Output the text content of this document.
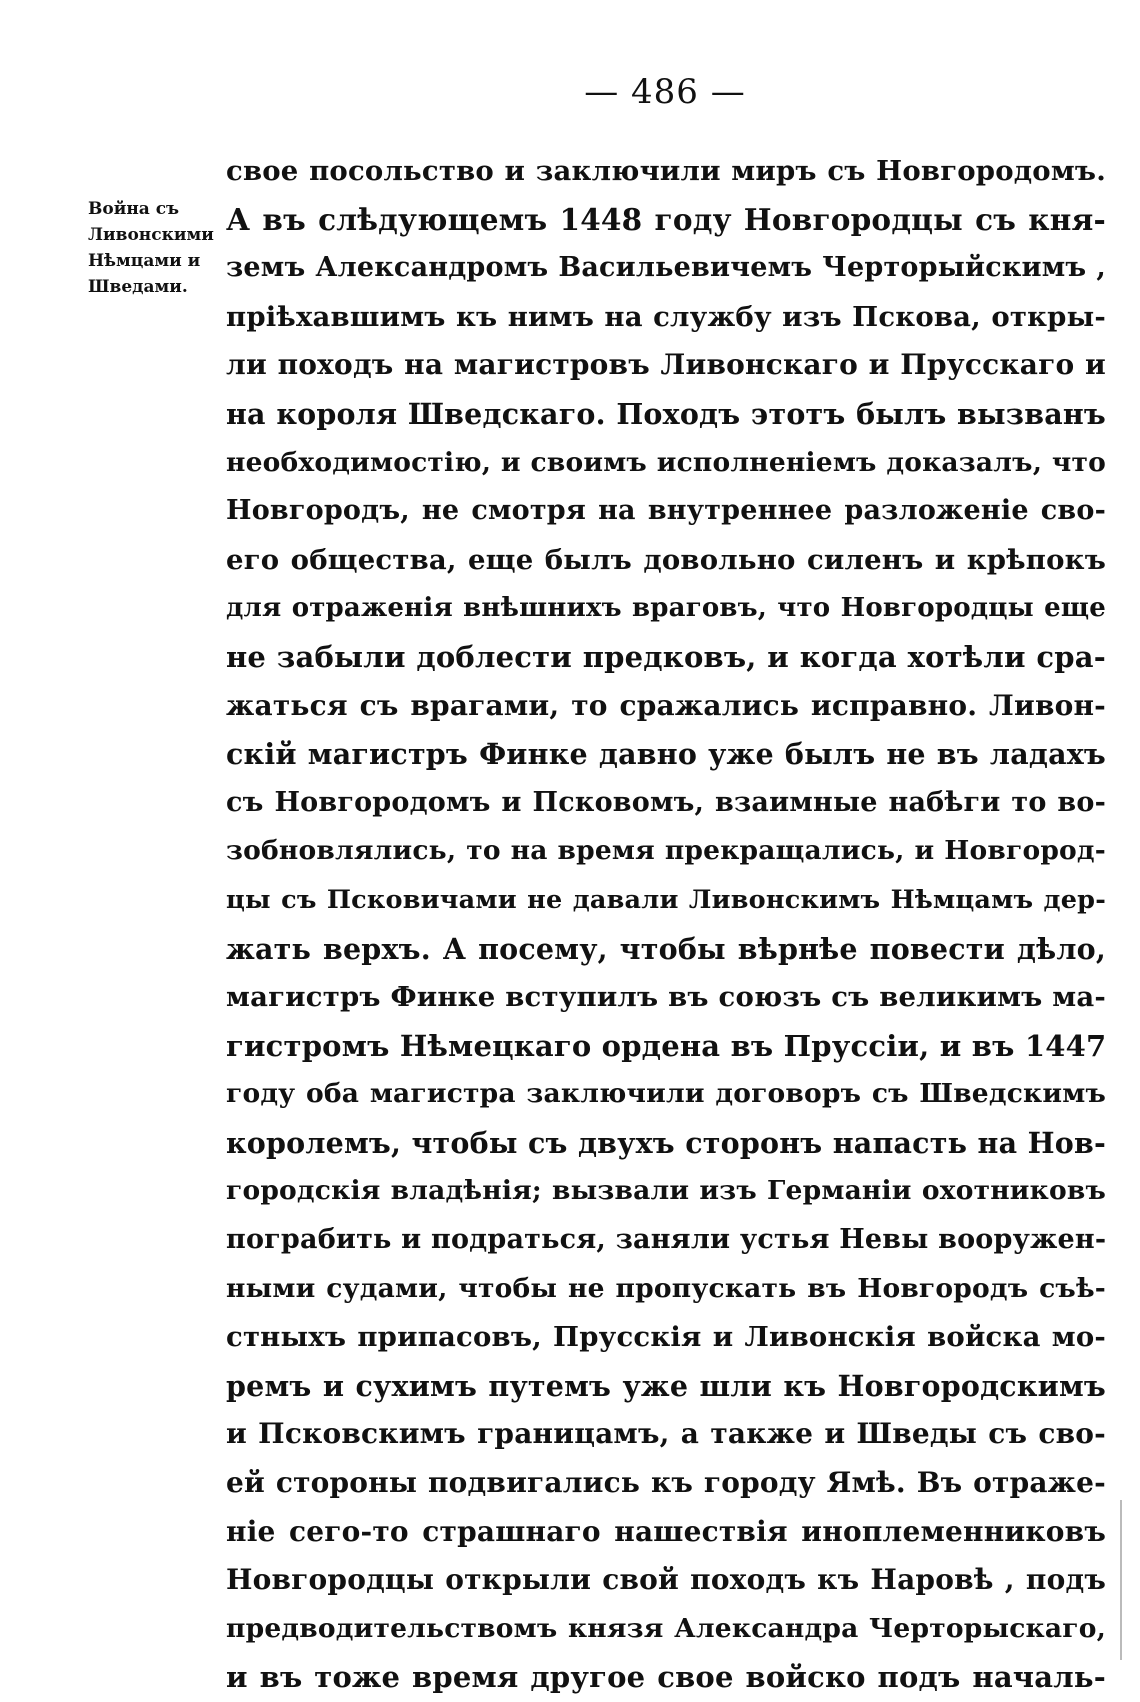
— 486 —
Война съ
Ливонскими
Нѣмцами и
Шведами.
свое посольство и заключили миръ съ Новгородомъ.
А въ слѣдующемъ 1448 году Новгородцы съ кня-
земъ Александромъ Васильевичемъ Черторыйскимъ ,
пріѣхавшимъ къ нимъ на службу изъ Пскова, откры-
ли походъ на магистровъ Ливонскаго и Прусскаго и
на короля Шведскаго. Походъ этотъ былъ вызванъ
необходимостію, и своимъ исполненіемъ доказалъ, что
Новгородъ, не смотря на внутреннее разложеніе сво-
его общества, еще былъ довольно силенъ и крѣпокъ
для отраженія внѣшнихъ враговъ, что Новгородцы еще
не забыли доблести предковъ, и когда хотѣли сра-
жаться съ врагами, то сражались исправно. Ливон-
скій магистръ Финке давно уже былъ не въ ладахъ
съ Новгородомъ и Псковомъ, взаимные набѣги то во-
зобновлялись, то на время прекращались, и Новгород-
цы съ Псковичами не давали Ливонскимъ Нѣмцамъ дер-
жать верхъ. А посему, чтобы вѣрнѣе повести дѣло,
магистръ Финке вступилъ въ союзъ съ великимъ ма-
гистромъ Нѣмецкаго ордена въ Пруссіи, и въ 1447
году оба магистра заключили договоръ съ Шведскимъ
королемъ, чтобы съ двухъ сторонъ напасть на Нов-
городскія владѣнія; вызвали изъ Германіи охотниковъ
пограбить и подраться, заняли устья Невы вооружен-
ными судами, чтобы не пропускать въ Новгородъ съѣ-
стныхъ припасовъ, Прусскія и Ливонскія войска мо-
ремъ и сухимъ путемъ уже шли къ Новгородскимъ
и Псковскимъ границамъ, а также и Шведы съ сво-
ей стороны подвигались къ городу Ямѣ. Въ отраже-
ніе сего-то страшнаго нашествія иноплеменниковъ
Новгородцы открыли свой походъ къ Наровѣ , подъ
предводительствомъ князя Александра Черторыскаго,
и въ тоже время другое свое войско подъ началь-
